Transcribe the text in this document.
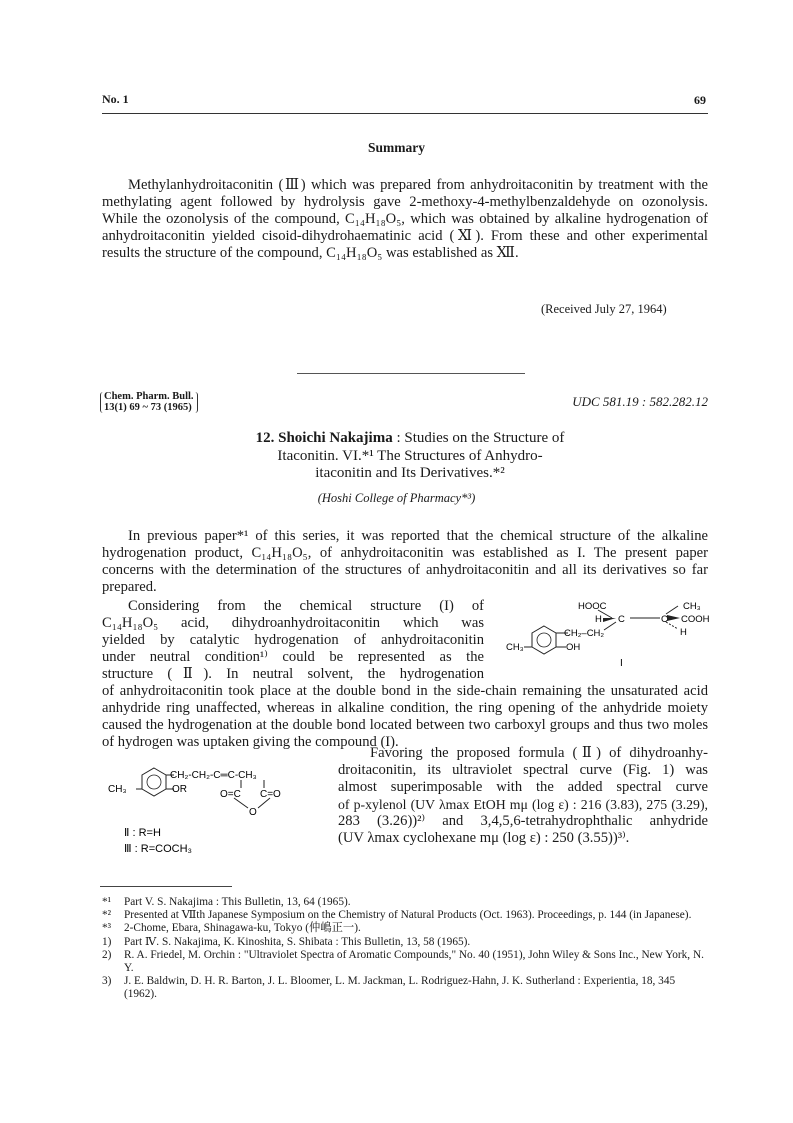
No. 1	69
Summary

Methylanhydroitaconitin (Ⅲ) which was prepared from anhydroitaconitin by treatment with the methylating agent followed by hydrolysis gave 2-methoxy-4-methylbenzaldehyde on ozonolysis. While the ozonolysis of the compound, C₁₄H₁₈O₅, which was obtained by alkaline hydrogenation of anhydroitaconitin yielded cisoid-dihydrohaematinic acid (Ⅺ). From these and other experimental results the structure of the compound, C₁₄H₁₈O₅ was established as Ⅻ.

(Received July 27, 1964)
Chem. Pharm. Bull.
13(1) 69 ~ 73 (1965)	UDC 581.19 : 582.282.12
12. Shoichi Nakajima : Studies on the Structure of
Itaconitin. VI.*¹ The Structures of Anhydro-
itaconitin and Its Derivatives.*²
(Hoshi College of Pharmacy*³)

In previous paper*¹ of this series, it was reported that the chemical structure of the alkaline hydrogenation product, C₁₄H₁₈O₅, of anhydroitaconitin was established as I. The present paper concerns with the determination of the structures of anhydroitaconitin and all its derivatives so far prepared.

Considering from the chemical structure (I) of
C₁₄H₁₈O₅ acid, dihydroanhydroitaconitin which was
yielded by catalytic hydrogenation of anhydroitaconitin
under neutral condition¹⁾ could be represented as the
structure (Ⅱ). In neutral solvent, the hydrogenation
HOOC	CH₃
COOH
H C	C
H
CH₂–CH₂
OH
CH₃
I

of anhydroitaconitin took place at the double bond in the side-chain remaining the unsaturated acid anhydride ring unaffected, whereas in alkaline condition, the ring opening of the anhydride moiety caused the hydrogenation at the double bond located between two carboxyl groups and thus two moles of hydrogen was uptaken giving the compound (I).

CH₂-CH₂-C═C-CH₃
CH₃	OR	O=C C=O
O
Ⅱ : R=H
Ⅲ : R=COCH₃
Favoring the proposed formula (Ⅱ) of dihydroanhy-
droitaconitin, its ultraviolet spectral curve (Fig. 1) was
almost superimposable with the added spectral curve
of p-xylenol (UV λmax EtOH mμ (log ε) : 216 (3.83), 275 (3.29),
283 (3.26))²⁾ and 3,4,5,6-tetrahydrophthalic anhydride
(UV λmax cyclohexane mμ (log ε) : 250 (3.55))³⁾.
*¹	Part V. S. Nakajima : This Bulletin, 13, 64 (1965).
*²	Presented at Ⅶth Japanese Symposium on the Chemistry of Natural Products (Oct. 1963). Proceedings, p. 144 (in Japanese).
*³	2-Chome, Ebara, Shinagawa-ku, Tokyo (仲嶋正一).
1)	Part Ⅳ. S. Nakajima, K. Kinoshita, S. Shibata : This Bulletin, 13, 58 (1965).
2)	R. A. Friedel, M. Orchin : "Ultraviolet Spectra of Aromatic Compounds," No. 40 (1951), John Wiley & Sons Inc., New York, N. Y.
3)	J. E. Baldwin, D. H. R. Barton, J. L. Bloomer, L. M. Jackman, L. Rodriguez-Hahn, J. K. Sutherland : Experientia, 18, 345 (1962).
